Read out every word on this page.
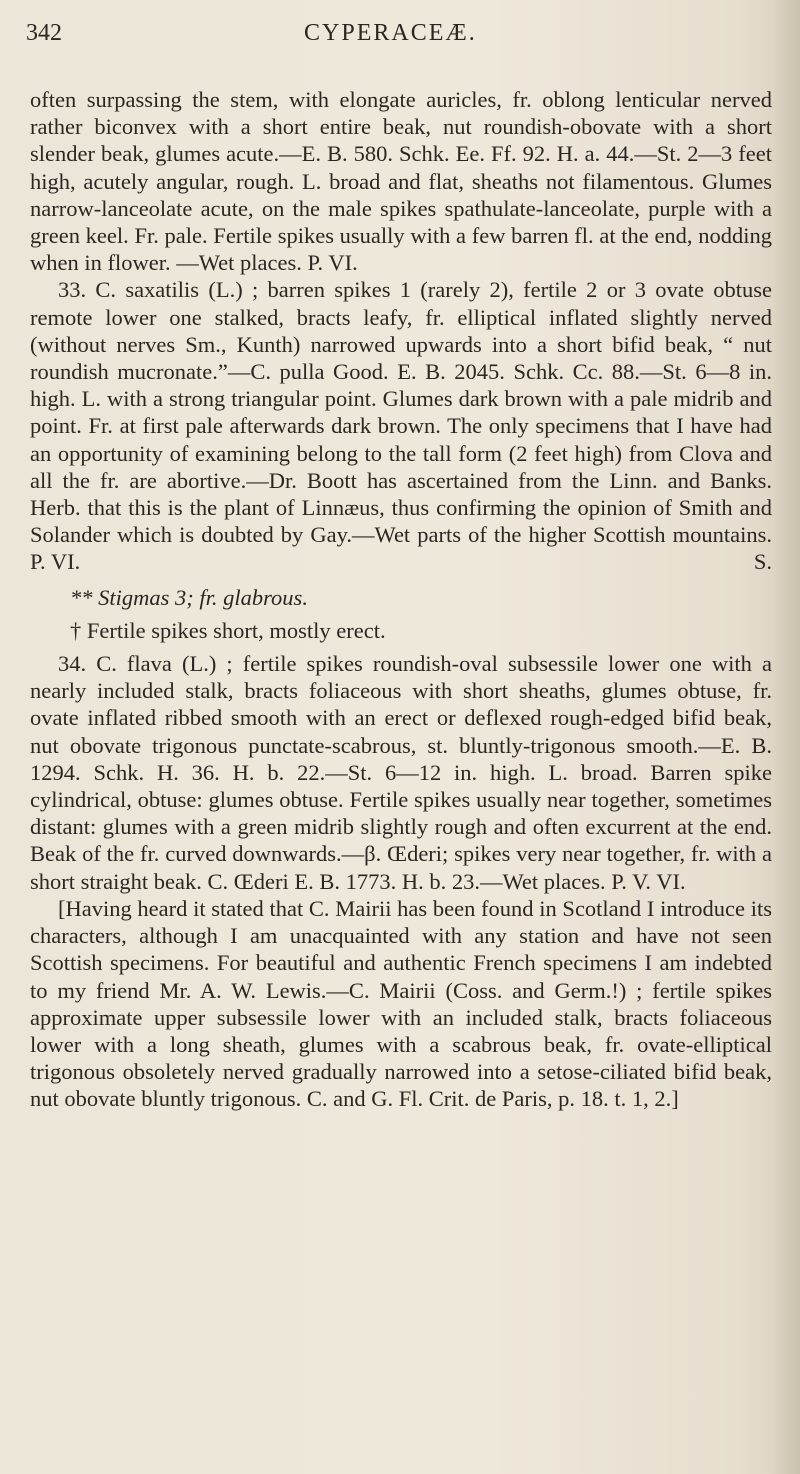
342	CYPERACEÆ.

often surpassing the stem, with elongate auricles, fr. oblong lenticular nerved rather biconvex with a short entire beak, nut roundish-obovate with a short slender beak, glumes acute.—E. B. 580. Schk. Ee. Ff. 92. H. a. 44.—St. 2—3 feet high, acutely angular, rough. L. broad and flat, sheaths not filamentous. Glumes narrow-lanceolate acute, on the male spikes spathulate-lanceolate, purple with a green keel. Fr. pale. Fertile spikes usually with a few barren fl. at the end, nodding when in flower. —Wet places. P. VI.

33. C. saxatilis (L.) ; barren spikes 1 (rarely 2), fertile 2 or 3 ovate obtuse remote lower one stalked, bracts leafy, fr. elliptical inflated slightly nerved (without nerves Sm., Kunth) narrowed upwards into a short bifid beak, “ nut roundish mucronate.”—C. pulla Good. E. B. 2045. Schk. Cc. 88.—St. 6—8 in. high. L. with a strong triangular point. Glumes dark brown with a pale midrib and point. Fr. at first pale afterwards dark brown. The only specimens that I have had an opportunity of examining belong to the tall form (2 feet high) from Clova and all the fr. are abortive.—Dr. Boott has ascertained from the Linn. and Banks. Herb. that this is the plant of Linnæus, thus confirming the opinion of Smith and Solander which is doubted by Gay.—Wet parts of the higher Scottish mountains. P. VI.	S.

** Stigmas 3; fr. glabrous.

† Fertile spikes short, mostly erect.

34. C. flava (L.) ; fertile spikes roundish-oval subsessile lower one with a nearly included stalk, bracts foliaceous with short sheaths, glumes obtuse, fr. ovate inflated ribbed smooth with an erect or deflexed rough-edged bifid beak, nut obovate trigonous punctate-scabrous, st. bluntly-trigonous smooth.—E. B. 1294. Schk. H. 36. H. b. 22.—St. 6—12 in. high. L. broad. Barren spike cylindrical, obtuse: glumes obtuse. Fertile spikes usually near together, sometimes distant: glumes with a green midrib slightly rough and often excurrent at the end. Beak of the fr. curved downwards.—β. Œderi; spikes very near together, fr. with a short straight beak. C. Œderi E. B. 1773. H. b. 23.—Wet places. P. V. VI.

[Having heard it stated that C. Mairii has been found in Scotland I introduce its characters, although I am unacquainted with any station and have not seen Scottish specimens. For beautiful and authentic French specimens I am indebted to my friend Mr. A. W. Lewis.—C. Mairii (Coss. and Germ.!) ; fertile spikes approximate upper subsessile lower with an included stalk, bracts foliaceous lower with a long sheath, glumes with a scabrous beak, fr. ovate-elliptical trigonous obsoletely nerved gradually narrowed into a setose-ciliated bifid beak, nut obovate bluntly trigonous. C. and G. Fl. Crit. de Paris, p. 18. t. 1, 2.]
